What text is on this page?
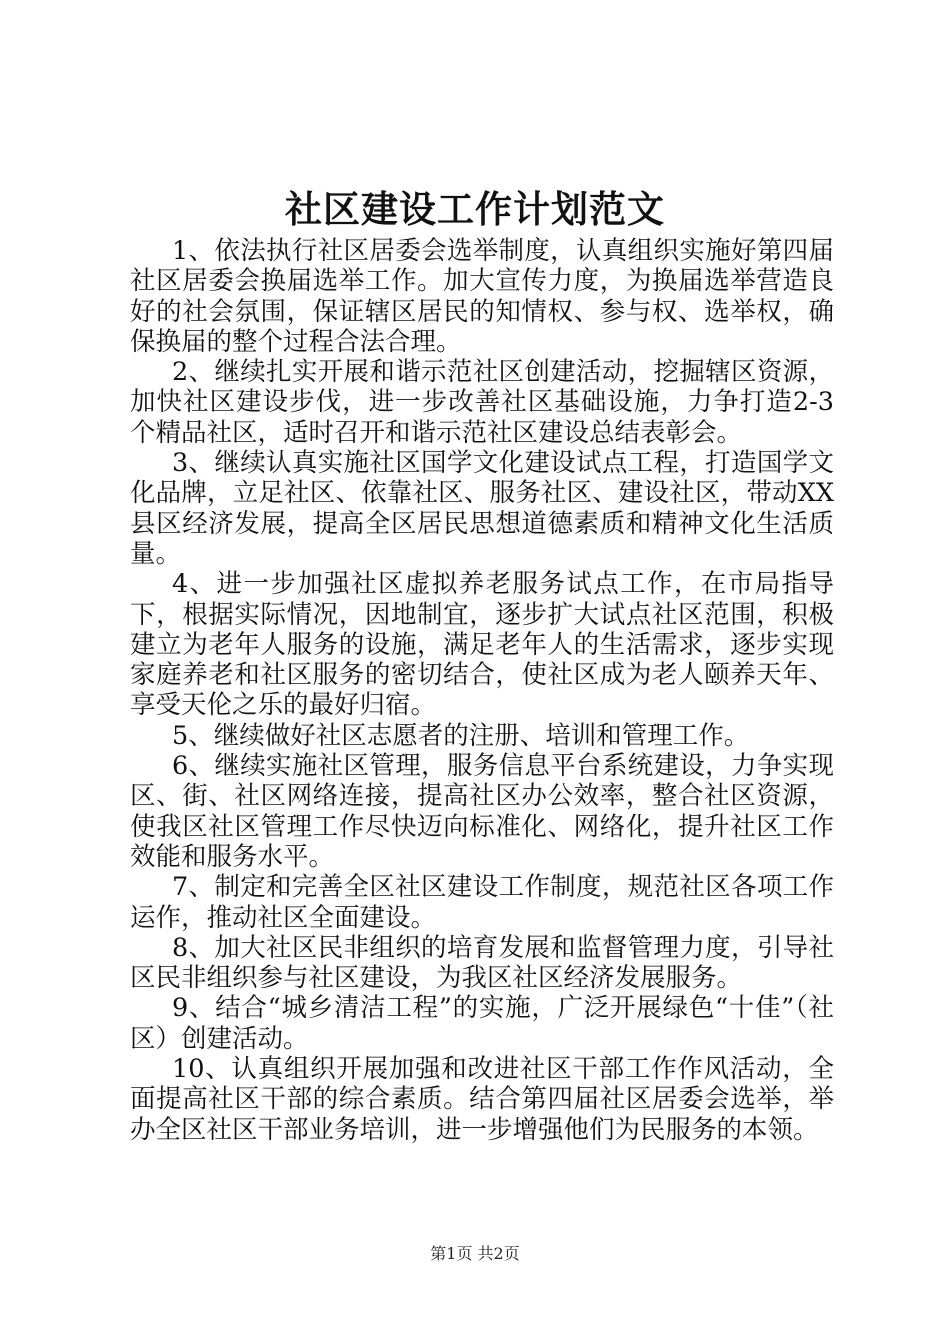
社区建设工作计划范文

1、依法执行社区居委会选举制度，认真组织实施好第四届社区居委会换届选举工作。加大宣传力度，为换届选举营造良好的社会氛围，保证辖区居民的知情权、参与权、选举权，确保换届的整个过程合法合理。

2、继续扎实开展和谐示范社区创建活动，挖掘辖区资源，加快社区建设步伐，进一步改善社区基础设施，力争打造2-3个精品社区，适时召开和谐示范社区建设总结表彰会。

3、继续认真实施社区国学文化建设试点工程，打造国学文化品牌，立足社区、依靠社区、服务社区、建设社区，带动XX县区经济发展，提高全区居民思想道德素质和精神文化生活质量。

4、进一步加强社区虚拟养老服务试点工作，在市局指导下，根据实际情况，因地制宜，逐步扩大试点社区范围，积极建立为老年人服务的设施，满足老年人的生活需求，逐步实现家庭养老和社区服务的密切结合，使社区成为老人颐养天年、享受天伦之乐的最好归宿。

5、继续做好社区志愿者的注册、培训和管理工作。

6、继续实施社区管理，服务信息平台系统建设，力争实现区、街、社区网络连接，提高社区办公效率，整合社区资源，使我区社区管理工作尽快迈向标准化、网络化，提升社区工作效能和服务水平。

7、制定和完善全区社区建设工作制度，规范社区各项工作运作，推动社区全面建设。

8、加大社区民非组织的培育发展和监督管理力度，引导社区民非组织参与社区建设，为我区社区经济发展服务。

9、结合“城乡清洁工程”的实施，广泛开展绿色“十佳”（社区）创建活动。

10、认真组织开展加强和改进社区干部工作作风活动，全面提高社区干部的综合素质。结合第四届社区居委会选举，举办全区社区干部业务培训，进一步增强他们为民服务的本领。

第1页 共2页
